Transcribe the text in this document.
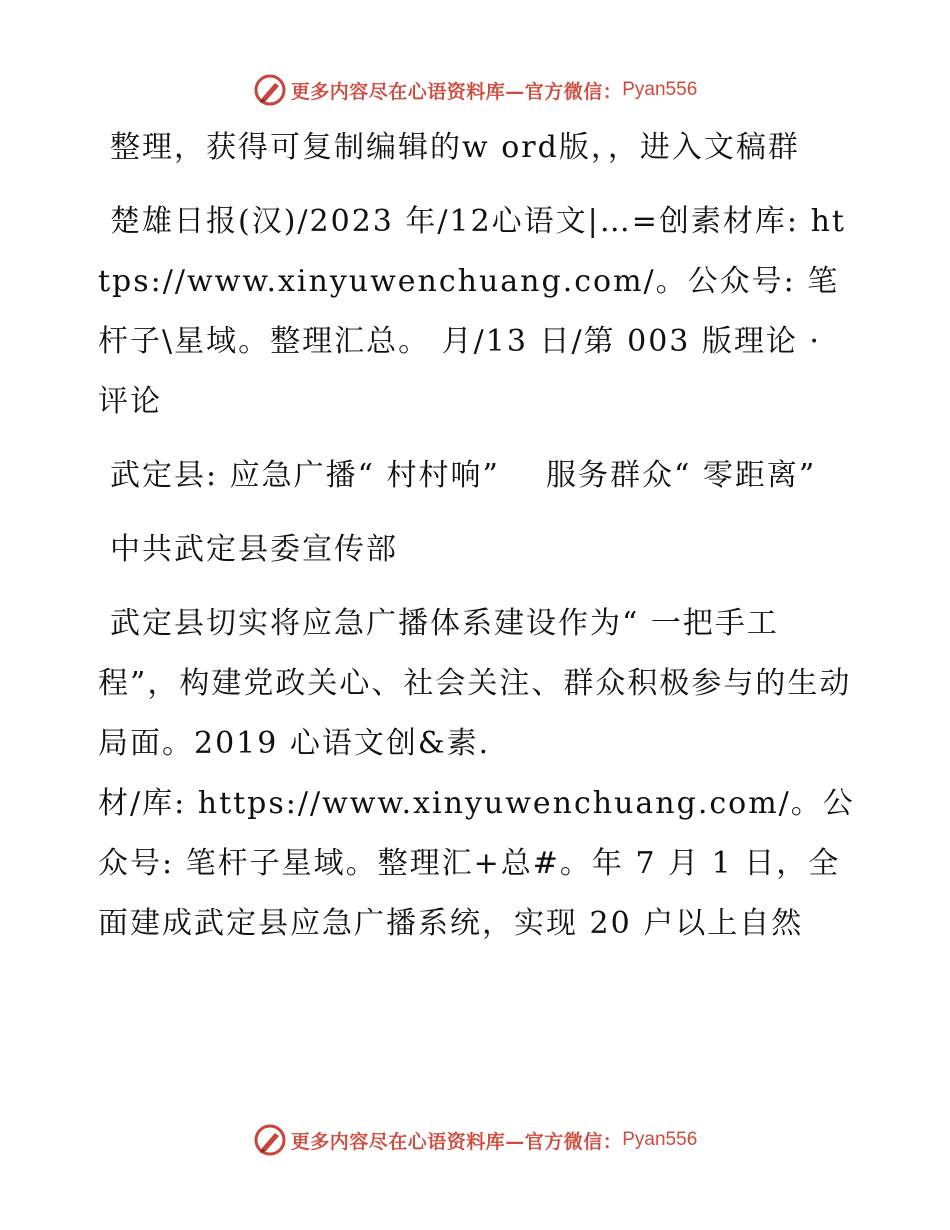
更多内容尽在心语资料库—官方微信： Pyan556

整理，获得可复制编辑的w ord版，，进入文稿群

楚雄日报(汉)/2023 年/12心语文|…=创素材库: https://www.xinyuwenchuang.com/。公众号: 笔杆子\星域。整理汇总。 月/13 日/第 003 版理论 · 评论

武定县: 应急广播“ 村村响”    服务群众“ 零距离”

中共武定县委宣传部

武定县切实将应急广播体系建设作为“ 一把手工程”，构建党政关心、社会关注、群众积极参与的生动局面。2019 心语文创&素.

材/库: https://www.xinyuwenchuang.com/。公众号: 笔杆子星域。整理汇+总#。年 7 月 1 日，全面建成武定县应急广播系统，实现 20 户以上自然

更多内容尽在心语资料库—官方微信： Pyan556
